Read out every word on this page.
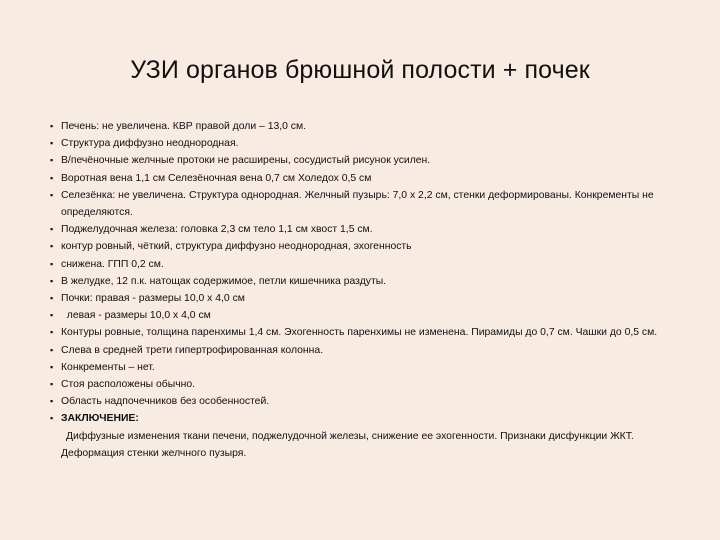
УЗИ органов брюшной полости + почек
▪ Печень: не увеличена. КВР правой доли – 13,0 см.
▪ Структура диффузно неоднородная.
▪ В/печёночные желчные протоки не расширены, сосудистый рисунок усилен.
▪ Воротная вена 1,1 см Селезёночная вена 0,7 см Холедох 0,5 см
▪ Селезёнка: не увеличена. Структура однородная. Желчный пузырь: 7,0 х 2,2 см, стенки деформированы. Конкременты не определяются.
▪ Поджелудочная железа: головка 2,3 см тело 1,1 см хвост 1,5 см.
▪ контур ровный, чёткий, структура диффузно неоднородная, эхогенность
▪ снижена. ГПП 0,2 см.
▪ В желудке, 12 п.к. натощак содержимое, петли кишечника раздуты.
▪ Почки: правая - размеры 10,0 х 4,0 см
▪ левая - размеры 10,0 х 4,0 см
▪ Контуры ровные, толщина паренхимы 1,4 см. Эхогенность паренхимы не изменена. Пирамиды до 0,7 см. Чашки до 0,5 см.
▪ Слева в средней трети гипертрофированная колонна.
▪ Конкременты – нет.
▪ Стоя расположены обычно.
▪ Область надпочечников без особенностей.
▪ ЗАКЛЮЧЕНИЕ:

Диффузные изменения ткани печени, поджелудочной железы, снижение ее эхогенности. Признаки дисфункции ЖКТ. Деформация стенки желчного пузыря.
